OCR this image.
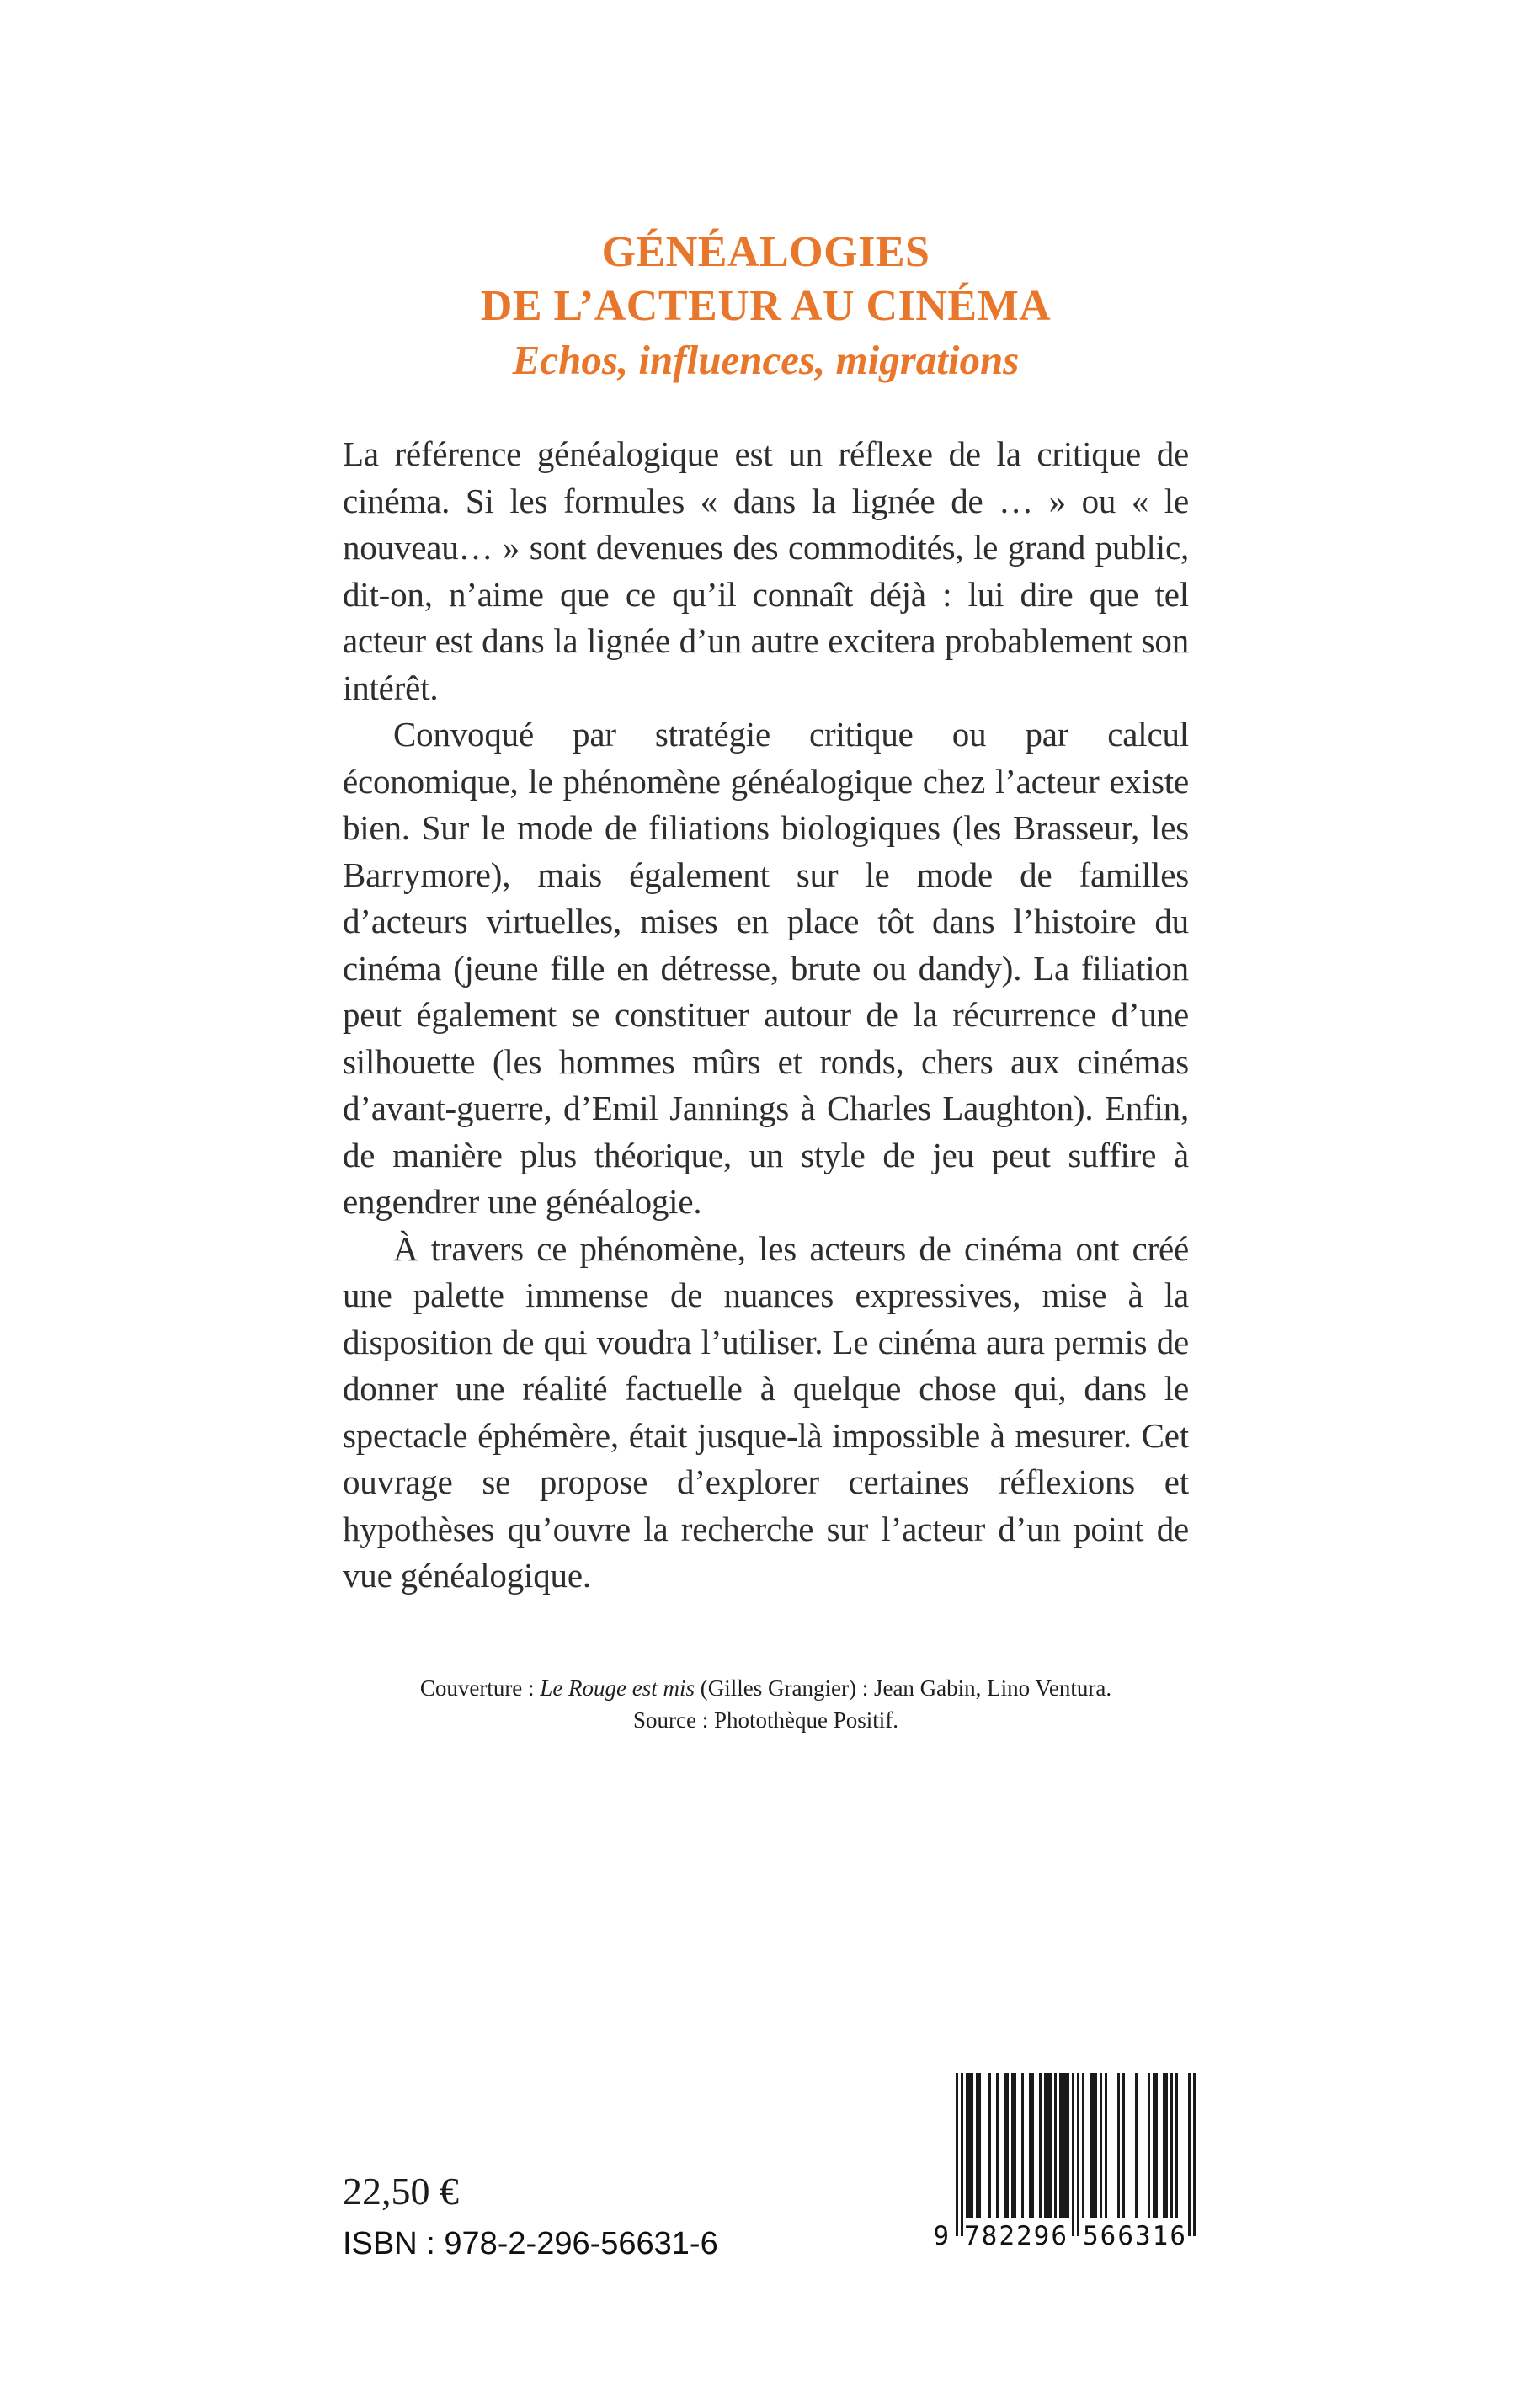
GÉNÉALOGIES
DE L’ACTEUR AU CINÉMA
Echos, influences, migrations

La référence généalogique est un réflexe de la critique de cinéma. Si les formules « dans la lignée de … » ou « le nouveau… » sont devenues des commodités, le grand public, dit-on, n’aime que ce qu’il connaît déjà : lui dire que tel acteur est dans la lignée d’un autre excitera probablement son intérêt.

Convoqué par stratégie critique ou par calcul économique, le phénomène généalogique chez l’acteur existe bien. Sur le mode de filiations biologiques (les Brasseur, les Barrymore), mais également sur le mode de familles d’acteurs virtuelles, mises en place tôt dans l’histoire du cinéma (jeune fille en détresse, brute ou dandy). La filiation peut également se constituer autour de la récurrence d’une silhouette (les hommes mûrs et ronds, chers aux cinémas d’avant-guerre, d’Emil Jannings à Charles Laughton). Enfin, de manière plus théorique, un style de jeu peut suffire à engendrer une généalogie.

À travers ce phénomène, les acteurs de cinéma ont créé une palette immense de nuances expressives, mise à la disposition de qui voudra l’utiliser. Le cinéma aura permis de donner une réalité factuelle à quelque chose qui, dans le spectacle éphémère, était jusque-là impossible à mesurer. Cet ouvrage se propose d’explorer certaines réflexions et hypothèses qu’ouvre la recherche sur l’acteur d’un point de vue généalogique.

Couverture : Le Rouge est mis (Gilles Grangier) : Jean Gabin, Lino Ventura.
Source : Photothèque Positif.
22,50 €
ISBN : 978-2-296-56631-6	9 782296 566316
